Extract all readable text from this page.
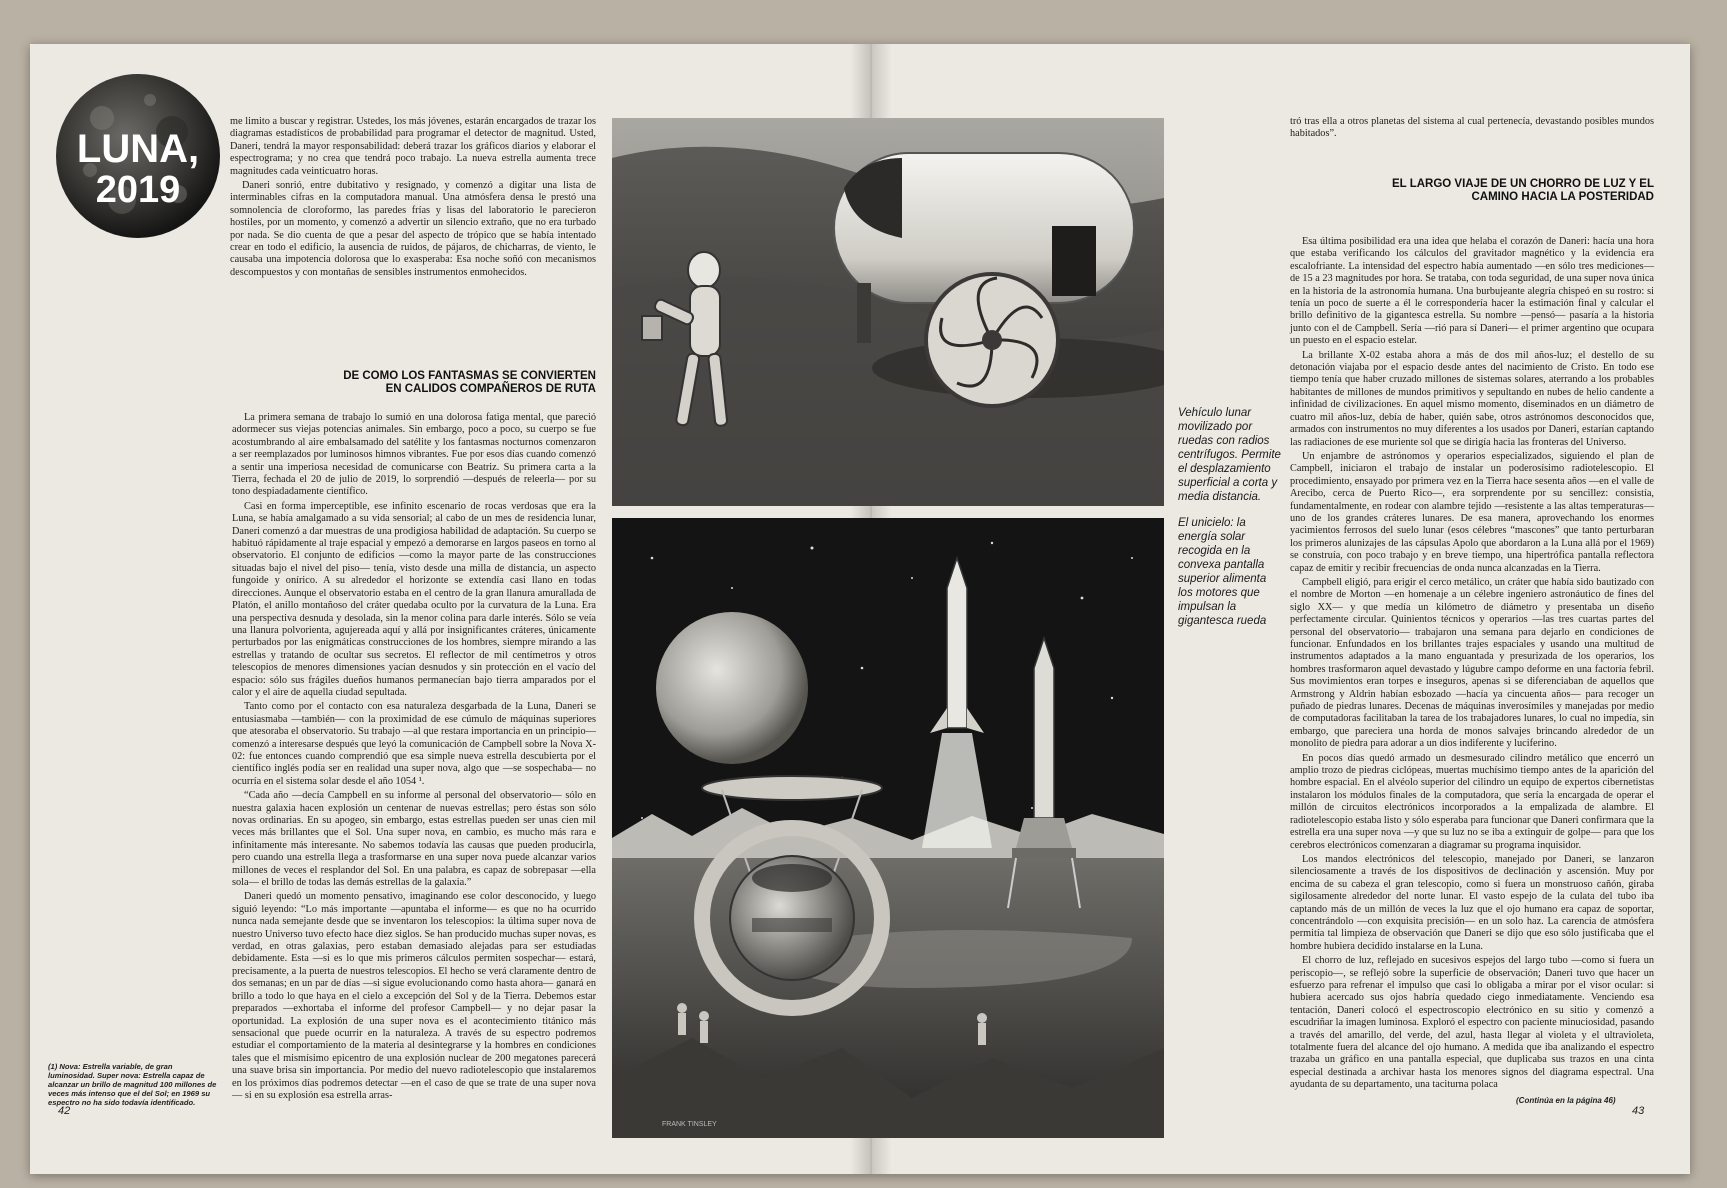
LUNA,
2019

me limito a buscar y registrar. Ustedes, los más jóvenes, estarán encargados de trazar los diagramas estadísticos de probabilidad para programar el detector de magnitud. Usted, Daneri, tendrá la mayor responsabilidad: deberá trazar los gráficos diarios y elaborar el espectrograma; y no crea que tendrá poco trabajo. La nueva estrella aumenta trece magnitudes cada veinticuatro horas.

Daneri sonrió, entre dubitativo y resignado, y comenzó a digitar una lista de interminables cifras en la computadora manual. Una atmósfera densa le prestó una somnolencia de cloroformo, las paredes frías y lisas del laboratorio le parecieron hostiles, por un momento, y comenzó a advertir un silencio extraño, que no era turbado por nada. Se dio cuenta de que a pesar del aspecto de trópico que se había intentado crear en todo el edificio, la ausencia de ruidos, de pájaros, de chicharras, de viento, le causaba una impotencia dolorosa que lo exasperaba: Esa noche soñó con mecanismos descompuestos y con montañas de sensibles instrumentos enmohecidos.

DE COMO LOS FANTASMAS SE CONVIERTEN EN CALIDOS COMPAÑEROS DE RUTA

La primera semana de trabajo lo sumió en una dolorosa fatiga mental, que pareció adormecer sus viejas potencias animales. Sin embargo, poco a poco, su cuerpo se fue acostumbrando al aire embalsamado del satélite y los fantasmas nocturnos comenzaron a ser reemplazados por luminosos himnos vibrantes. Fue por esos días cuando comenzó a sentir una imperiosa necesidad de comunicarse con Beatriz. Su primera carta a la Tierra, fechada el 20 de julio de 2019, lo sorprendió —después de releerla— por su tono despiadadamente científico.

Casi en forma imperceptible, ese infinito escenario de rocas verdosas que era la Luna, se había amalgamado a su vida sensorial; al cabo de un mes de residencia lunar, Daneri comenzó a dar muestras de una prodigiosa habilidad de adaptación. Su cuerpo se habituó rápidamente al traje espacial y empezó a demorarse en largos paseos en torno al observatorio. El conjunto de edificios —como la mayor parte de las construcciones situadas bajo el nivel del piso— tenía, visto desde una milla de distancia, un aspecto fungoide y onírico. A su alrededor el horizonte se extendía casi llano en todas direcciones. Aunque el observatorio estaba en el centro de la gran llanura amurallada de Platón, el anillo montañoso del cráter quedaba oculto por la curvatura de la Luna. Era una perspectiva desnuda y desolada, sin la menor colina para darle interés. Sólo se veía una llanura polvorienta, agujereada aquí y allá por insignificantes cráteres, únicamente perturbados por las enigmáticas construcciones de los hombres, siempre mirando a las estrellas y tratando de ocultar sus secretos. El reflector de mil centímetros y otros telescopios de menores dimensiones yacían desnudos y sin protección en el vacío del espacio: sólo sus frágiles dueños humanos permanecían bajo tierra amparados por el calor y el aire de aquella ciudad sepultada.

Tanto como por el contacto con esa naturaleza desgarbada de la Luna, Daneri se entusiasmaba —también— con la proximidad de ese cúmulo de máquinas superiores que atesoraba el observatorio. Su trabajo —al que restara importancia en un principio— comenzó a interesarse después que leyó la comunicación de Campbell sobre la Nova X-02: fue entonces cuando comprendió que esa simple nueva estrella descubierta por el científico inglés podía ser en realidad una super nova, algo que —se sospechaba— no ocurría en el sistema solar desde el año 1054 ¹.

“Cada año —decía Campbell en su informe al personal del observatorio— sólo en nuestra galaxia hacen explosión un centenar de nuevas estrellas; pero éstas son sólo novas ordinarias. En su apogeo, sin embargo, estas estrellas pueden ser unas cien mil veces más brillantes que el Sol. Una super nova, en cambio, es mucho más rara e infinitamente más interesante. No sabemos todavía las causas que pueden producirla, pero cuando una estrella llega a trasformarse en una super nova puede alcanzar varios millones de veces el resplandor del Sol. En una palabra, es capaz de sobrepasar —ella sola— el brillo de todas las demás estrellas de la galaxia.”

Daneri quedó un momento pensativo, imaginando ese color desconocido, y luego siguió leyendo: “Lo más importante —apuntaba el informe— es que no ha ocurrido nunca nada semejante desde que se inventaron los telescopios: la última super nova de nuestro Universo tuvo efecto hace diez siglos. Se han producido muchas super novas, es verdad, en otras galaxias, pero estaban demasiado alejadas para ser estudiadas debidamente. Esta —si es lo que mis primeros cálculos permiten sospechar— estará, precisamente, a la puerta de nuestros telescopios. El hecho se verá claramente dentro de dos semanas; en un par de días —si sigue evolucionando como hasta ahora— ganará en brillo a todo lo que haya en el cielo a excepción del Sol y de la Tierra. Debemos estar preparados —exhortaba el informe del profesor Campbell— y no dejar pasar la oportunidad. La explosión de una super nova es el acontecimiento titánico más sensacional que puede ocurrir en la naturaleza. A través de su espectro podremos estudiar el comportamiento de la materia al desintegrarse y la hombres en condiciones tales que el mismísimo epicentro de una explosión nuclear de 200 megatones parecerá una suave brisa sin importancia. Por medio del nuevo radiotelescopio que instalaremos en los próximos días podremos detectar —en el caso de que se trate de una super nova— si en su explosión esa estrella arras-

(1) Nova: Estrella variable, de gran luminosidad. Super nova: Estrella capaz de alcanzar un brillo de magnitud 100 millones de veces más intenso que el del Sol; en 1969 su espectro no ha sido todavía identificado.
42
FRANK TINSLEY

Vehículo lunar movilizado por ruedas con radios centrífugos. Permite el desplazamiento superficial a corta y media distancia.

El unicielo: la energía solar recogida en la convexa pantalla superior alimenta los motores que impulsan la gigantesca rueda

tró tras ella a otros planetas del sistema al cual pertenecía, devastando posibles mundos habitados”.

EL LARGO VIAJE DE UN CHORRO DE LUZ Y EL CAMINO HACIA LA POSTERIDAD

Esa última posibilidad era una idea que helaba el corazón de Daneri: hacía una hora que estaba verificando los cálculos del gravitador magnético y la evidencia era escalofriante. La intensidad del espectro había aumentado —en sólo tres mediciones— de 15 a 23 magnitudes por hora. Se trataba, con toda seguridad, de una super nova única en la historia de la astronomía humana. Una burbujeante alegría chispeó en su rostro: si tenía un poco de suerte a él le correspondería hacer la estimación final y calcular el brillo definitivo de la gigantesca estrella. Su nombre —pensó— pasaría a la historia junto con el de Campbell. Sería —rió para sí Daneri— el primer argentino que ocupara un puesto en el espacio estelar.

La brillante X-02 estaba ahora a más de dos mil años-luz; el destello de su detonación viajaba por el espacio desde antes del nacimiento de Cristo. En todo ese tiempo tenía que haber cruzado millones de sistemas solares, aterrando a los probables habitantes de millones de mundos primitivos y sepultando en nubes de helio candente a infinidad de civilizaciones. En aquel mismo momento, diseminados en un diámetro de cuatro mil años-luz, debía de haber, quién sabe, otros astrónomos desconocidos que, armados con instrumentos no muy diferentes a los usados por Daneri, estarían captando las radiaciones de ese muriente sol que se dirigía hacia las fronteras del Universo.

Un enjambre de astrónomos y operarios especializados, siguiendo el plan de Campbell, iniciaron el trabajo de instalar un poderosísimo radiotelescopio. El procedimiento, ensayado por primera vez en la Tierra hace sesenta años —en el valle de Arecibo, cerca de Puerto Rico—, era sorprendente por su sencillez: consistía, fundamentalmente, en rodear con alambre tejido —resistente a las altas temperaturas— uno de los grandes cráteres lunares. De esa manera, aprovechando los enormes yacimientos ferrosos del suelo lunar (esos célebres “mascones” que tanto perturbaran los primeros alunizajes de las cápsulas Apolo que abordaron a la Luna allá por el 1969) se construía, con poco trabajo y en breve tiempo, una hipertrófica pantalla reflectora capaz de emitir y recibir frecuencias de onda nunca alcanzadas en la Tierra.

Campbell eligió, para erigir el cerco metálico, un cráter que había sido bautizado con el nombre de Morton —en homenaje a un célebre ingeniero astronáutico de fines del siglo XX— y que medía un kilómetro de diámetro y presentaba un diseño perfectamente circular. Quinientos técnicos y operarios —las tres cuartas partes del personal del observatorio— trabajaron una semana para dejarlo en condiciones de funcionar. Enfundados en los brillantes trajes espaciales y usando una multitud de instrumentos adaptados a la mano enguantada y presurizada de los operarios, los hombres trasformaron aquel devastado y lúgubre campo deforme en una factoría febril. Sus movimientos eran torpes e inseguros, apenas si se diferenciaban de aquellos que Armstrong y Aldrin habían esbozado —hacía ya cincuenta años— para recoger un puñado de piedras lunares. Decenas de máquinas inverosímiles y manejadas por medio de computadoras facilitaban la tarea de los trabajadores lunares, lo cual no impedía, sin embargo, que pareciera una horda de monos salvajes brincando alrededor de un monolito de piedra para adorar a un dios indiferente y luciferino.

En pocos días quedó armado un desmesurado cilindro metálico que encerró un amplio trozo de piedras ciclópeas, muertas muchísimo tiempo antes de la aparición del hombre espacial. En el alvéolo superior del cilindro un equipo de expertos cibernetistas instalaron los módulos finales de la computadora, que sería la encargada de operar el millón de circuitos electrónicos incorporados a la empalizada de alambre. El radiotelescopio estaba listo y sólo esperaba para funcionar que Daneri confirmara que la estrella era una super nova —y que su luz no se iba a extinguir de golpe— para que los cerebros electrónicos comenzaran a diagramar su programa inquisidor.

Los mandos electrónicos del telescopio, manejado por Daneri, se lanzaron silenciosamente a través de los dispositivos de declinación y ascensión. Muy por encima de su cabeza el gran telescopio, como si fuera un monstruoso cañón, giraba sigilosamente alrededor del norte lunar. El vasto espejo de la culata del tubo iba captando más de un millón de veces la luz que el ojo humano era capaz de soportar, concentrándolo —con exquisita precisión— en un solo haz. La carencia de atmósfera permitía tal limpieza de observación que Daneri se dijo que eso sólo justificaba que el hombre hubiera decidido instalarse en la Luna.

El chorro de luz, reflejado en sucesivos espejos del largo tubo —como si fuera un periscopio—, se reflejó sobre la superficie de observación; Daneri tuvo que hacer un esfuerzo para refrenar el impulso que casi lo obligaba a mirar por el visor ocular: si hubiera acercado sus ojos habría quedado ciego inmediatamente. Venciendo esa tentación, Daneri colocó el espectroscopio electrónico en su sitio y comenzó a escudriñar la imagen luminosa. Exploró el espectro con paciente minuciosidad, pasando a través del amarillo, del verde, del azul, hasta llegar al violeta y el ultravioleta, totalmente fuera del alcance del ojo humano. A medida que iba analizando el espectro trazaba un gráfico en una pantalla especial, que duplicaba sus trazos en una cinta especial destinada a archivar hasta los menores signos del diagrama espectral. Una ayudanta de su departamento, una taciturna polaca

(Continúa en la página 46)
43
